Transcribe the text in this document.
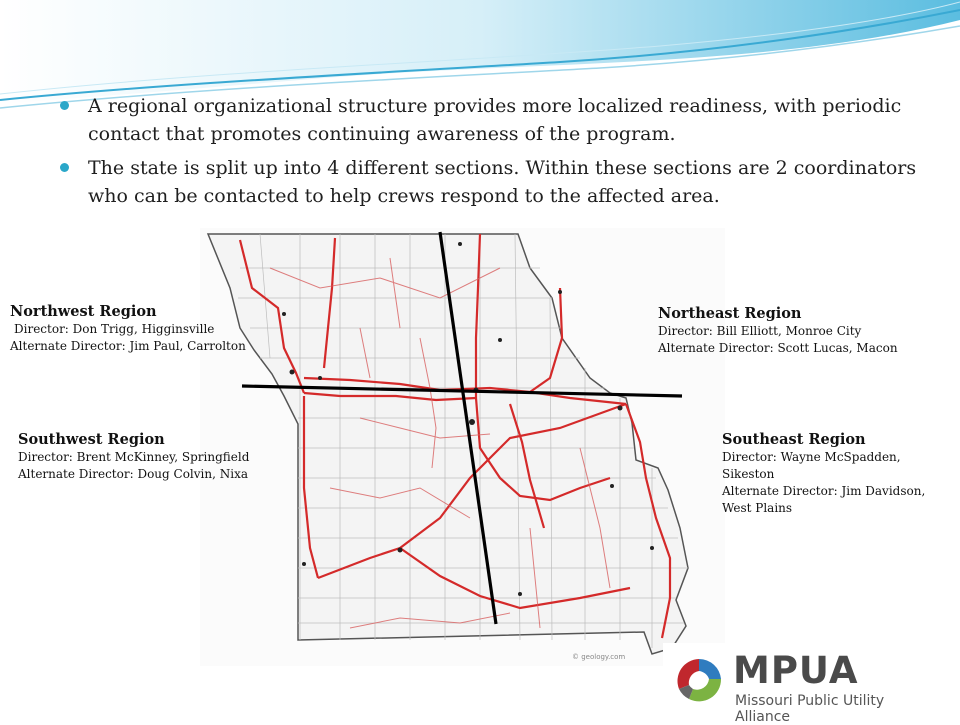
A regional organizational structure provides more localized readiness, with periodic contact that promotes continuing awareness of the program.
The state is split up into 4 different sections. Within these sections are 2 coordinators who can be contacted to help crews respond to the affected area.
© geology.com
Northwest Region
Director: Don Trigg, Higginsville
Alternate Director: Jim Paul, Carrolton
Northeast Region
Director: Bill Elliott, Monroe City
Alternate Director: Scott Lucas, Macon
Southwest Region
Director: Brent McKinney, Springfield
Alternate Director: Doug Colvin, Nixa
Southeast Region
Director: Wayne McSpadden,
Sikeston
Alternate Director: Jim Davidson,
West Plains
MPUA
Missouri Public Utility Alliance
